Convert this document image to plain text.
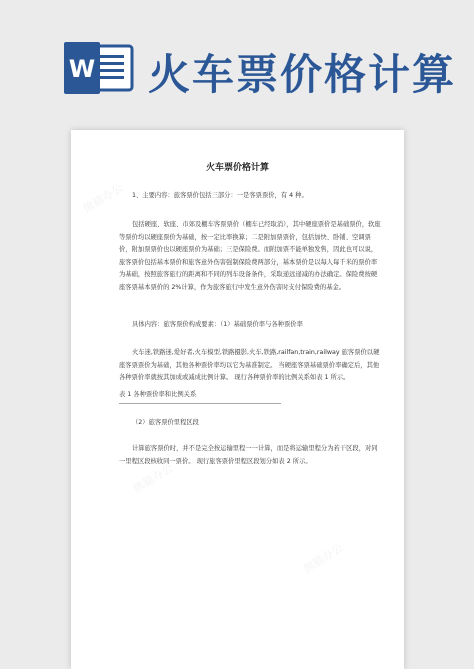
W 火车票价格计算
熊猫办公
熊猫办公
熊猫办公
熊猫办公
火车票价格计算
1、主要内容：旅客票价包括三部分：一是客票票价，有 4 种。
包括硬座、软座、市郊及棚车客票票价（棚车已经取消），其中硬座票价是基础票价，软座等票价均以硬座票价为基础，按一定比率换算；二是附加票票价，包括加快、卧铺、空调票价，附加票票价也以硬座票价为基础；三是保险费。而附加票不能单独发售，因此也可以说，旅客票价包括基本票价和旅客意外伤害强制保险费两部分，基本票价是以每人每千米的票价率为基础，按照旅客旅行的距离和不同的列车设备条件，采取递远递减的办法确定。保险费按硬座客票基本票价的 2%计算，作为旅客旅行中发生意外伤害时支付保险费的基金。
具体内容：旅客票价构成要素：（1）基础票价率与各种票价率
火车迷,铁路迷,爱好者,火车模型,铁路摄影,火车,铁路,railfan,train,railway 旅客票价以硬座客票票价为基础，其他各种票价率均以它为基准制定。 当硬座客票基础票价率确定后，其他各种票价率就按其加成或减成比例计算。 现行各种票价率的比例关系如表 1 所示。
表 1 各种票价率和比例关系
（2）旅客票价里程区段
计算旅客票价时，并不是完全按运输里程一一计算，而是将运输里程分为若干区段，对同一里程区段核收同一票价。 现行旅客票价里程区段划分如表 2 所示。
